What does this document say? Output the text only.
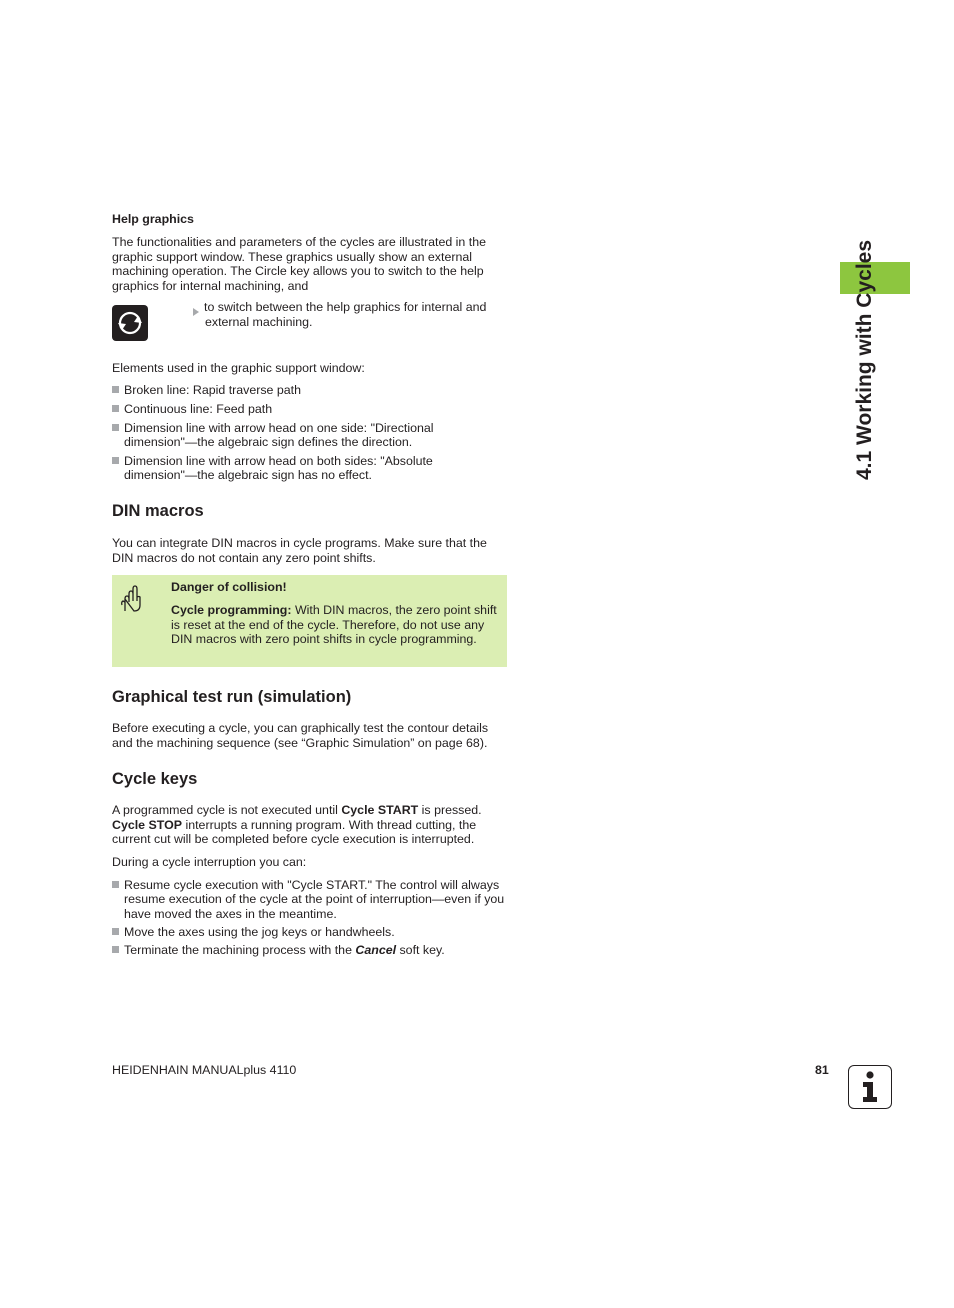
4.1 Working with Cycles
Help graphics

The functionalities and parameters of the cycles are illustrated in the graphic support window. These graphics usually show an external machining operation. The Circle key allows you to switch to the help graphics for internal machining, and

to switch between the help graphics for internal and
external machining.
Elements used in the graphic support window:
Broken line: Rapid traverse path
Continuous line: Feed path
Dimension line with arrow head on one side: "Directional dimension"—the algebraic sign defines the direction.
Dimension line with arrow head on both sides: "Absolute dimension"—the algebraic sign has no effect.
DIN macros

You can integrate DIN macros in cycle programs. Make sure that the DIN macros do not contain any zero point shifts.

Danger of collision!

Cycle programming: With DIN macros, the zero point shift is reset at the end of the cycle. Therefore, do not use any DIN macros with zero point shifts in cycle programming.

Graphical test run (simulation)

Before executing a cycle, you can graphically test the contour details and the machining sequence (see “Graphic Simulation” on page 68).

Cycle keys

A programmed cycle is not executed until Cycle START is pressed. Cycle STOP interrupts a running program. With thread cutting, the current cut will be completed before cycle execution is interrupted.

During a cycle interruption you can:
Resume cycle execution with "Cycle START." The control will always resume execution of the cycle at the point of interruption—even if you have moved the axes in the meantime.
Move the axes using the jog keys or handwheels.
Terminate the machining process with the Cancel soft key.
HEIDENHAIN MANUALplus 4110	81
